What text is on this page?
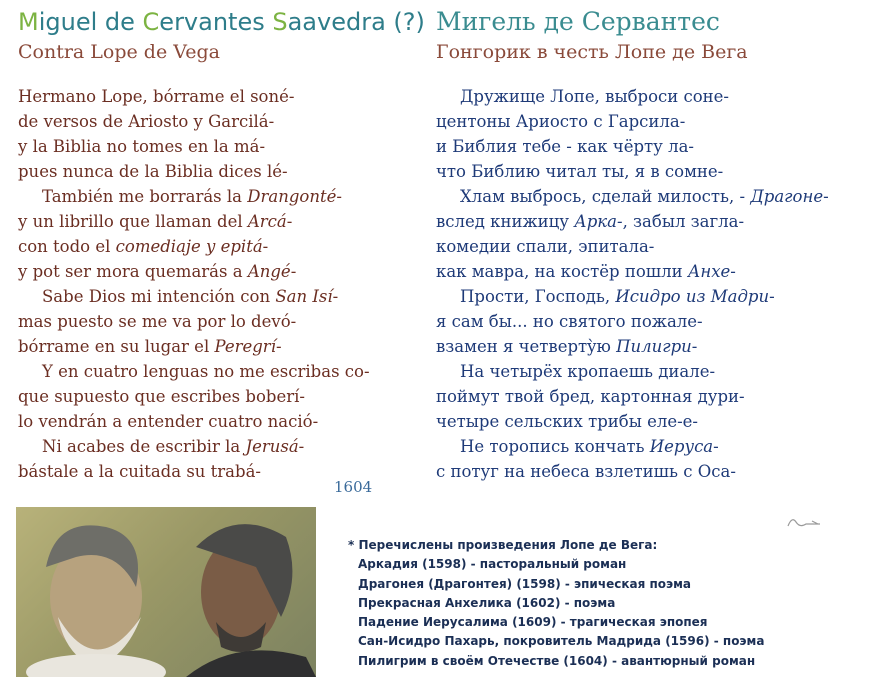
Miguel de Cervantes Saavedra (?)
Contra Lope de Vega
Мигель де Сервантес
Гонгорик в честь Лопе де Вега
Hermano Lope, bórrame el soné-
de versos de Ariosto y Garcilá-
y la Biblia no tomes en la má-
pues nunca de la Biblia dices lé-
También me borrarás la Drangonté-
y un librillo que llaman del Arcá-
con todo el comediaje y epitá-
y pot ser mora quemarás a Angé-
Sabe Dios mi intención con San Isí-
mas puesto se me va por lo devó-
bórrame en su lugar el Peregrí-
Y en cuatro lenguas no me escribas co-
que supuesto que escribes boberí-
lo vendrán a entender cuatro nació-
Ni acabes de escribir la Jerusá-
bástale a la cuitada su trabá-
Дружище Лопе, выброси соне-
центоны Ариосто с Гарсила-
и Библия тебе - как чёрту ла-
что Библию читал ты, я в сомне-
Хлам выбрось, сделай милость, - Драгоне-
вслед книжицу Арка-, забыл загла-
комедии спали, эпитала-
как мавра, на костёр пошли Анхе-
Прости, Господь, Исидро из Мадри-
я сам бы... но святого пожале-
взамен я четвертỳю Пилигри-
На четырёх кропаешь диале-
поймут твой бред, картонная дури-
четыре сельских трибы еле-е-
Не торопись кончать Иеруса-
с потуг на небеса взлетишь с Оса-
1604
* Перечислены произведения Лопе де Вега:
Аркадия (1598) - пасторальный роман
Драгонея (Драгонтея) (1598) - эпическая поэма
Прекрасная Анхелика (1602) - поэма
Падение Иерусалима (1609) - трагическая эпопея
Сан-Исидро Пахарь, покровитель Мадрида (1596) - поэма
Пилигрим в своём Отечестве (1604) - авантюрный роман
